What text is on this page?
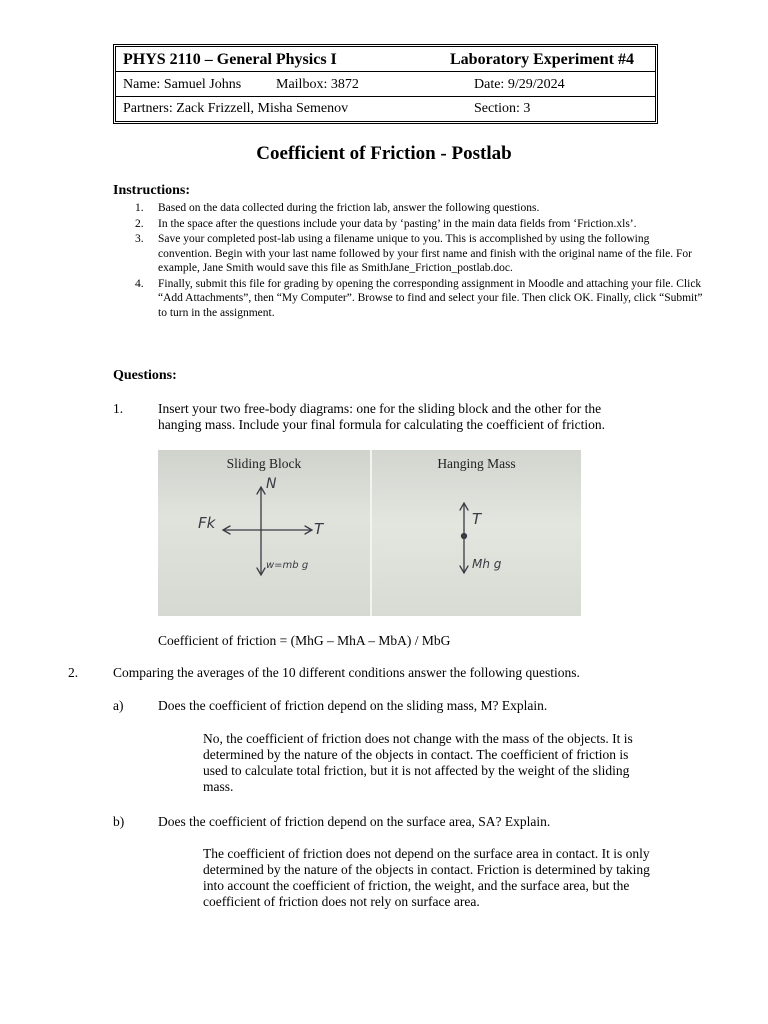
PHYS 2110 – General Physics I	Laboratory Experiment #4
Name: Samuel Johns Mailbox: 3872	Date: 9/29/2024
Partners: Zack Frizzell, Misha Semenov	Section: 3
Coefficient of Friction - Postlab
Instructions:
1. Based on the data collected during the friction lab, answer the following questions.
2. In the space after the questions include your data by ‘pasting’ in the main data fields from ‘Friction.xls’.
3. Save your completed post-lab using a filename unique to you. This is accomplished by using the following convention. Begin with your last name followed by your first name and finish with the original name of the file. For example, Jane Smith would save this file as SmithJane_Friction_postlab.doc.
4. Finally, submit this file for grading by opening the corresponding assignment in Moodle and attaching your file. Click “Add Attachments”, then “My Computer”. Browse to find and select your file. Then click OK. Finally, click “Submit” to turn in the assignment.
Questions:
1.	Insert your two free-body diagrams: one for the sliding block and the other for the hanging mass. Include your final formula for calculating the coefficient of friction.
Sliding Block	Hanging Mass
N
Fk	T
w=mb g
T
Mh g
Coefficient of friction = (MhG – MhA – MbA) / MbG
2.	Comparing the averages of the 10 different conditions answer the following questions.
a)	Does the coefficient of friction depend on the sliding mass, M? Explain.
No, the coefficient of friction does not change with the mass of the objects. It is determined by the nature of the objects in contact. The coefficient of friction is used to calculate total friction, but it is not affected by the weight of the sliding mass.
b)	Does the coefficient of friction depend on the surface area, SA? Explain.
The coefficient of friction does not depend on the surface area in contact. It is only determined by the nature of the objects in contact. Friction is determined by taking into account the coefficient of friction, the weight, and the surface area, but the coefficient of friction does not rely on surface area.
